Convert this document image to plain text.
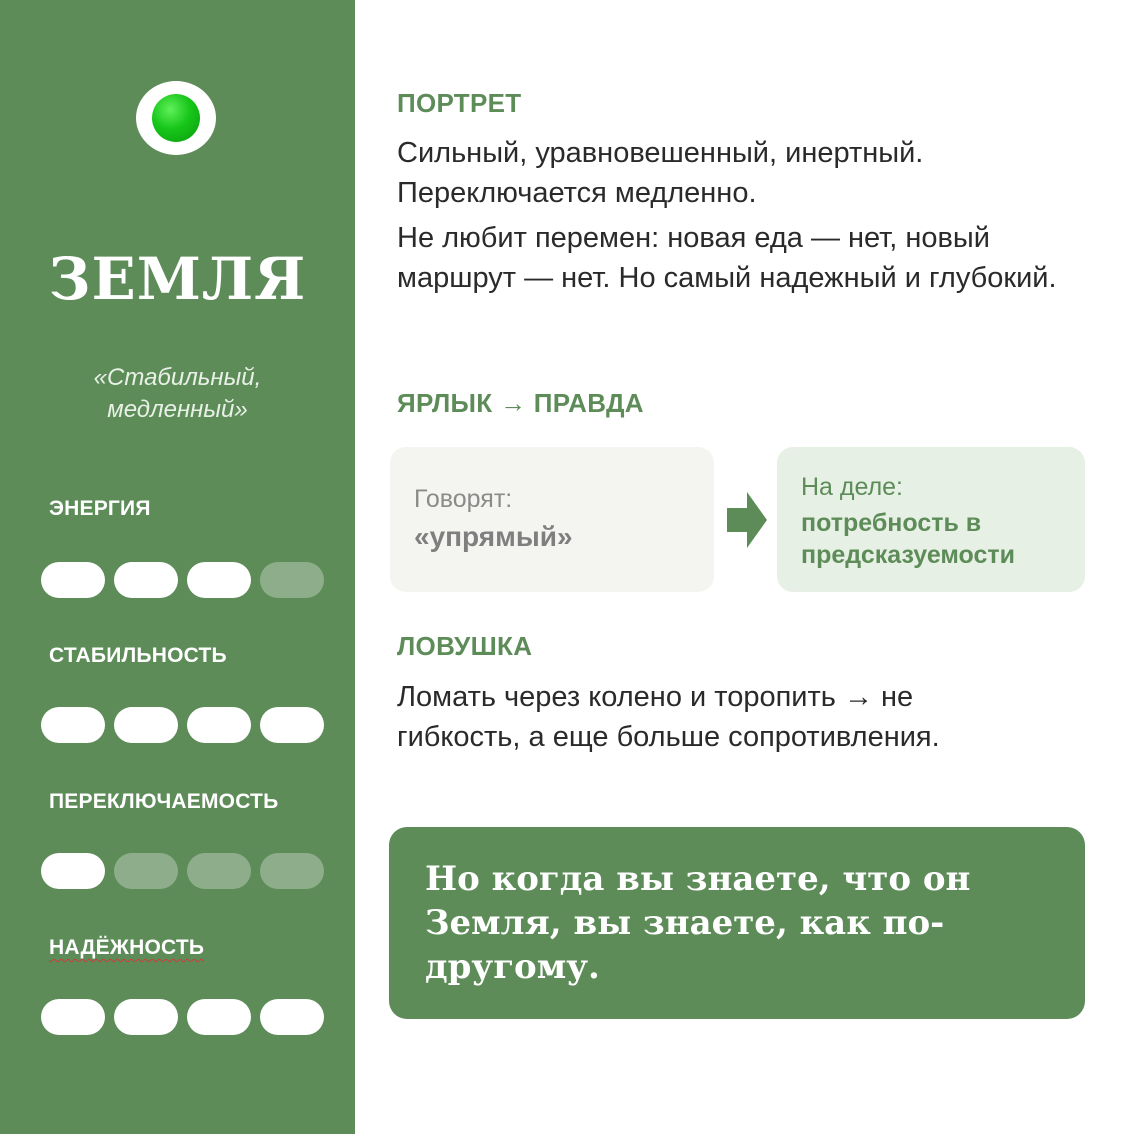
ЗЕМЛЯ
«Стабильный, медленный»
ЭНЕРГИЯ
СТАБИЛЬНОСТЬ
ПЕРЕКЛЮЧАЕМОСТЬ
НАДЁЖНОСТЬ
ПОРТРЕТ
Сильный, уравновешенный, инертный. Переключается медленно.
Не любит перемен: новая еда — нет, новый маршрут — нет. Но самый надежный и глубокий.
ЯРЛЫК → ПРАВДА
Говорят:
«упрямый»
На деле:
потребность в предсказуемости
ЛОВУШКА
Ломать через колено и торопить → не гибкость, а еще больше сопротивления.
Но когда вы знаете, что он Земля, вы знаете, как по-другому.
